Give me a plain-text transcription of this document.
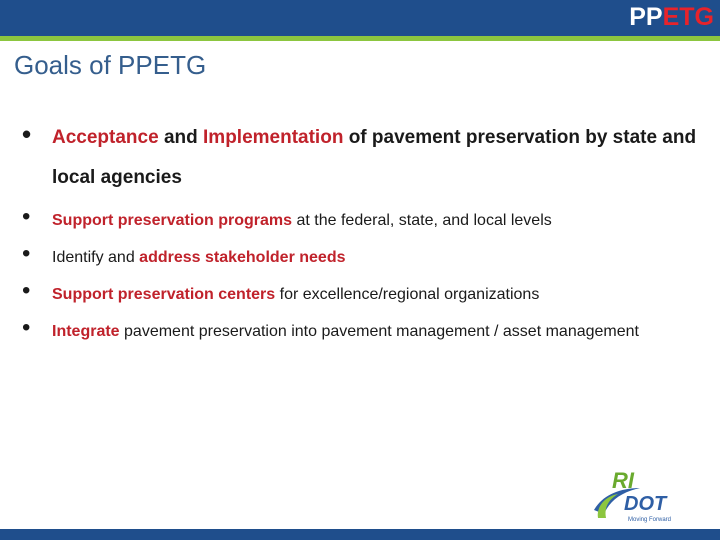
PPETG
Goals of PPETG
• Acceptance and Implementation of pavement preservation by state and local agencies
• Support preservation programs at the federal, state, and local levels
• Identify and address stakeholder needs
• Support preservation centers for excellence/regional organizations
• Integrate pavement preservation into pavement management / asset management
RI
DOT
Moving Forward
